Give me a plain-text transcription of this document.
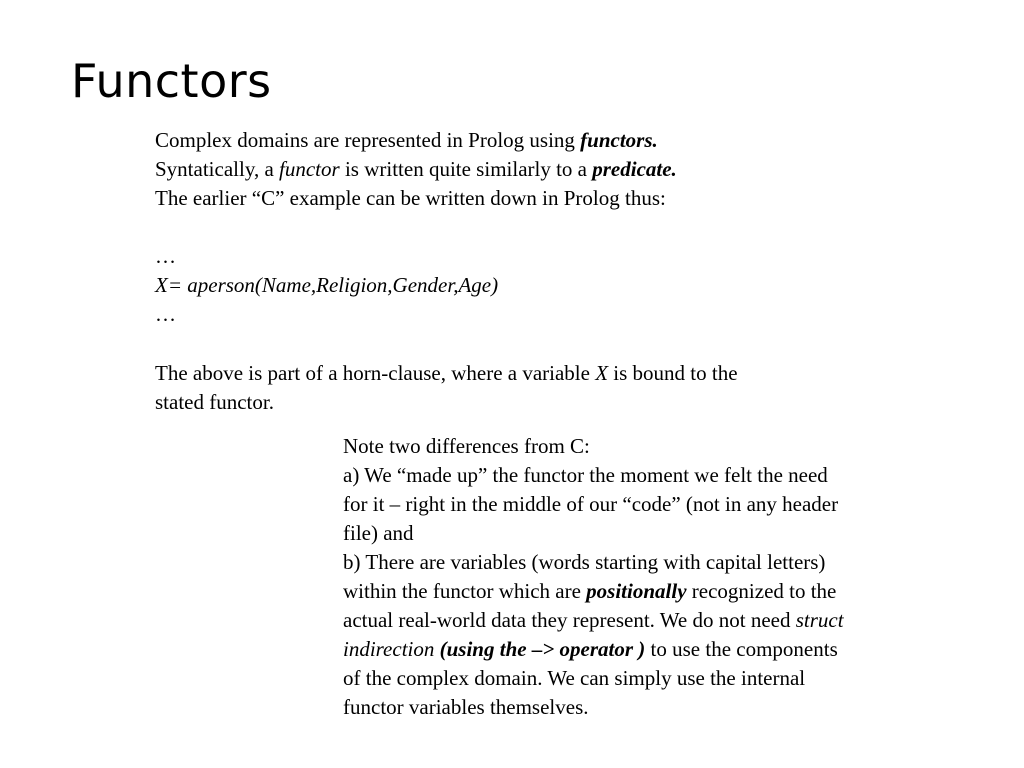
Functors
Complex domains are represented in Prolog using functors.
Syntatically, a functor is written quite similarly to a predicate.
The earlier “C” example can be written down in Prolog thus:
…
X= aperson(Name,Religion,Gender,Age)
…
The above is part of a horn-clause, where a variable X is bound to the
stated functor.
Note two differences from C:
a) We “made up” the functor the moment we felt the need
for it – right in the middle of our “code” (not in any header
file) and
b) There are variables (words starting with capital letters)
within the functor which are positionally recognized to the
actual real-world data they represent. We do not need struct
indirection (using the –> operator ) to use the components
of the complex domain. We can simply use the internal
functor variables themselves.
